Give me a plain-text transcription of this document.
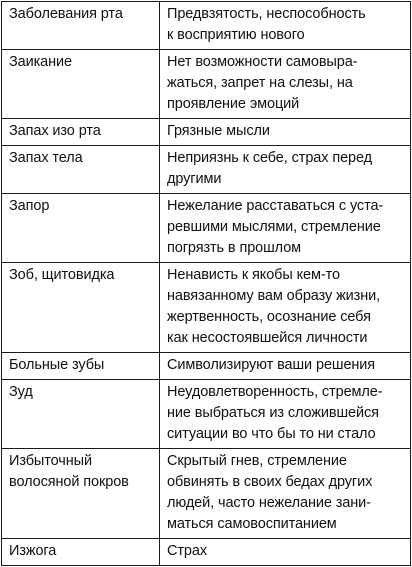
Заболевания рта	Предвзятость, неспособность
к восприятию нового
Заикание	Нет возможности самовыра-
жаться, запрет на слезы, на
проявление эмоций
Запах изо рта	Грязные мысли
Запах тела	Неприязнь к себе, страх перед
другими
Запор	Нежелание расставаться с уста-
ревшими мыслями, стремление
погрязть в прошлом
Зоб, щитовидка	Ненависть к якобы кем-то
навязанному вам образу жизни,
жертвенность, осознание себя
как несостоявшейся личности
Больные зубы	Символизируют ваши решения
Зуд	Неудовлетворенность, стремле-
ние выбраться из сложившейся
ситуации во что бы то ни стало
Избыточный
волосяной покров	Скрытый гнев, стремление
обвинять в своих бедах других
людей, часто нежелание зани-
маться самовоспитанием
Изжога	Страх
